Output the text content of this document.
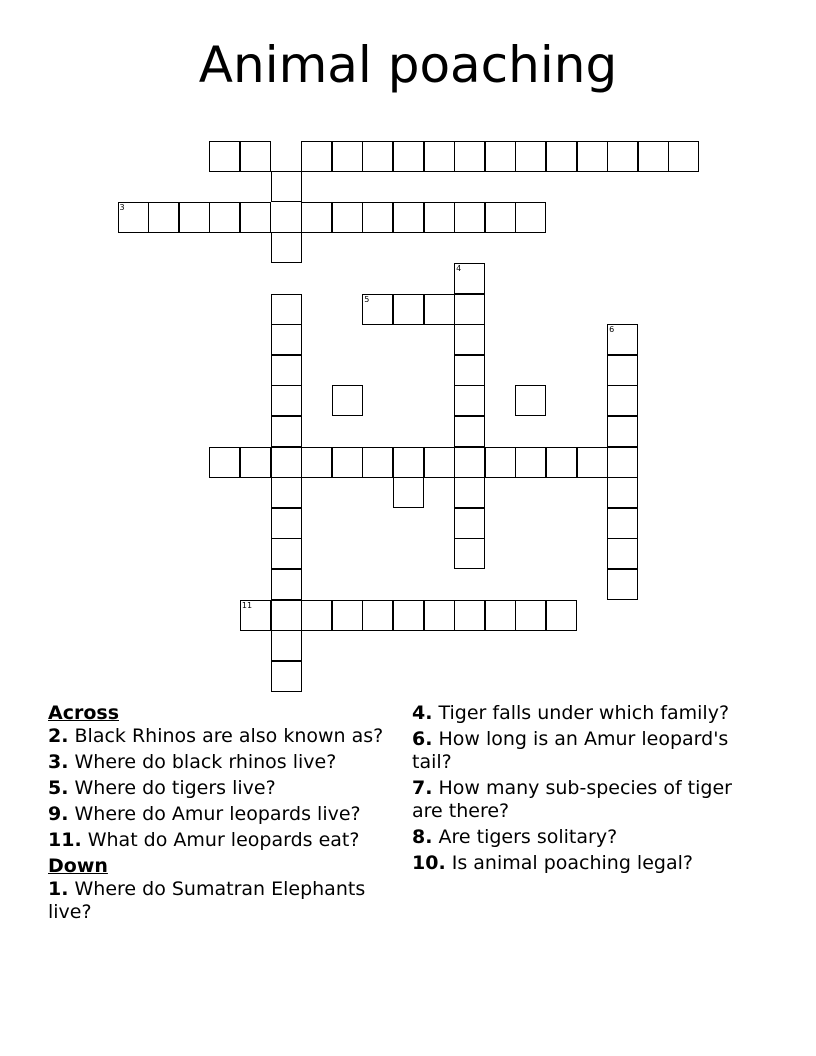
Animal poaching
3
4
5
6
11
Across
2. Black Rhinos are also known as?
3. Where do black rhinos live?
5. Where do tigers live?
9. Where do Amur leopards live?
11. What do Amur leopards eat?
Down
1. Where do Sumatran Elephants live?
4. Tiger falls under which family?
6. How long is an Amur leopard's tail?
7. How many sub-species of tiger are there?
8. Are tigers solitary?
10. Is animal poaching legal?
